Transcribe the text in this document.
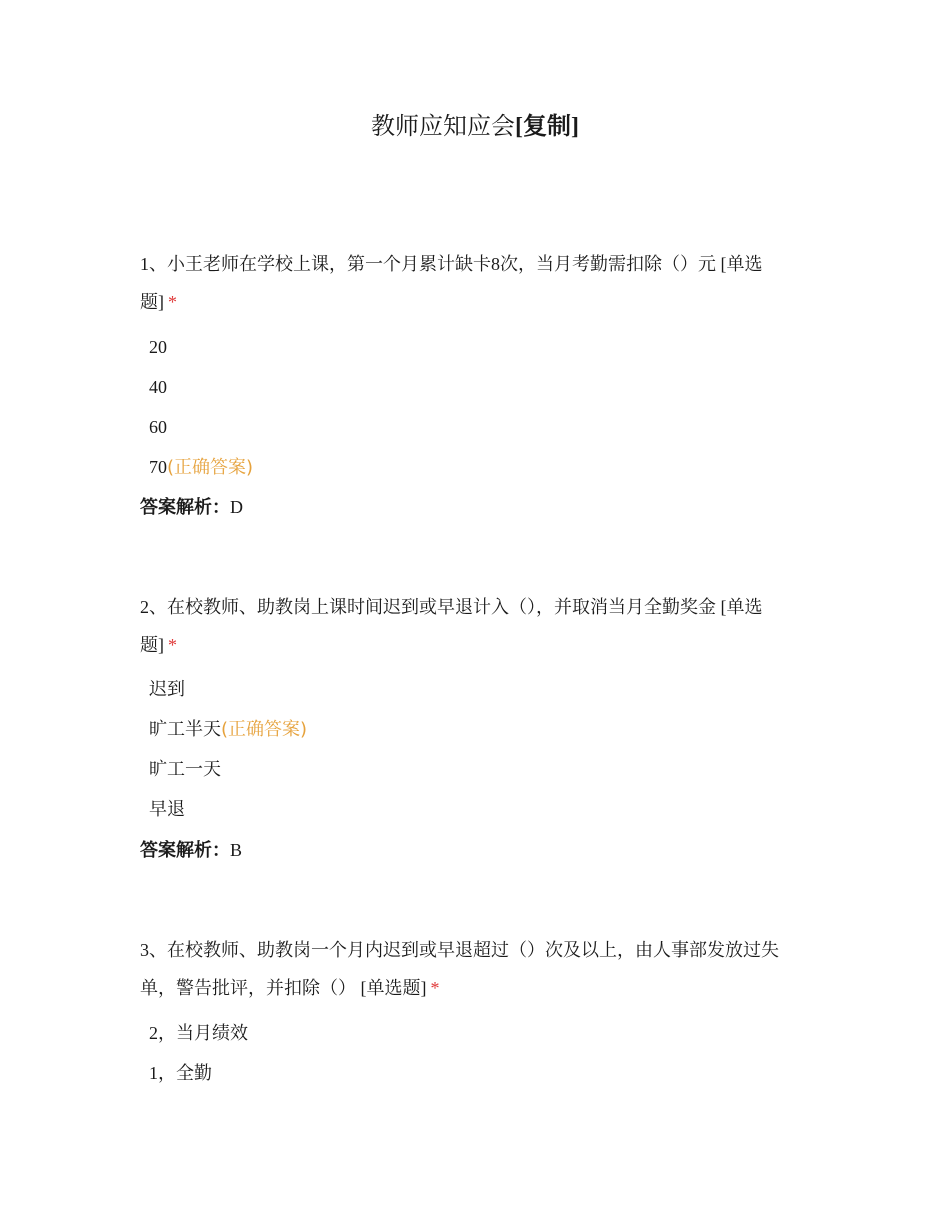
教师应知应会[复制]

1、小王老师在学校上课，第一个月累计缺卡8次，当月考勤需扣除（）元 [单选
题] *

20
40
60
70(正确答案)
答案解析：D

2、在校教师、助教岗上课时间迟到或早退计入（），并取消当月全勤奖金 [单选
题] *

迟到
旷工半天(正确答案)
旷工一天
早退
答案解析：B

3、在校教师、助教岗一个月内迟到或早退超过（）次及以上，由人事部发放过失
单，警告批评，并扣除（） [单选题] *

2，当月绩效
1，全勤
